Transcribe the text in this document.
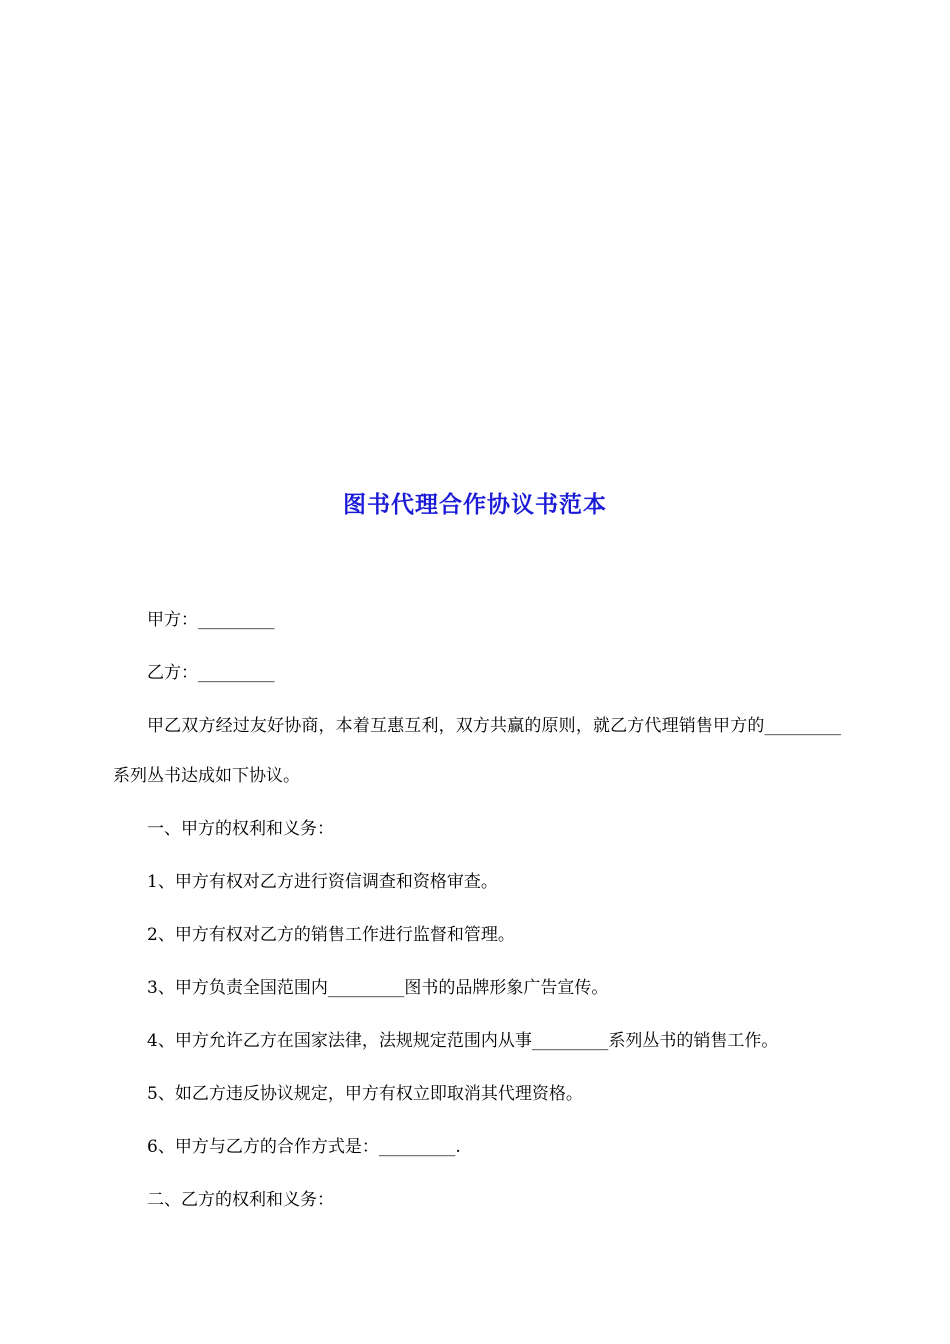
图书代理合作协议书范本

甲方：_________

乙方：_________

甲乙双方经过友好协商，本着互惠互利，双方共赢的原则，就乙方代理销售甲方的_________系列丛书达成如下协议。

一、甲方的权利和义务：

1、甲方有权对乙方进行资信调查和资格审查。

2、甲方有权对乙方的销售工作进行监督和管理。

3、甲方负责全国范围内_________图书的品牌形象广告宣传。

4、甲方允许乙方在国家法律，法规规定范围内从事_________系列丛书的销售工作。

5、如乙方违反协议规定，甲方有权立即取消其代理资格。

6、甲方与乙方的合作方式是：_________.

二、乙方的权利和义务：
